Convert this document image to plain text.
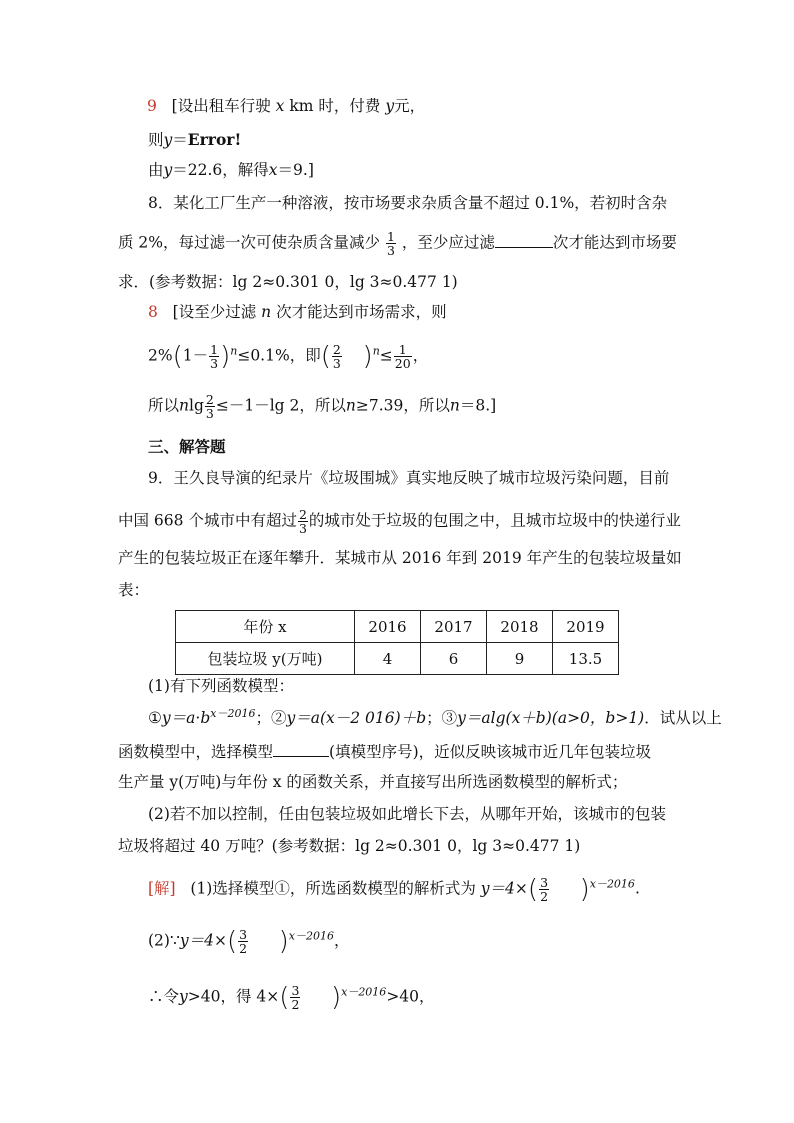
9 [设出租车行驶 x km 时，付费 y元，
则y＝Error!
由y＝22.6，解得x＝9.]
8．某化工厂生产一种溶液，按市场要求杂质含量不超过 0.1%，若初时含杂
质 2%，每过滤一次可使杂质含量减少 $\frac{1}{3}$ ，至少应过滤	次才能达到市场要
求．(参考数据：lg 2≈0.301 0，lg 3≈0.477 1)
8 [设至少过滤 n 次才能达到市场需求，则
$2\%(1- \frac{1}{3} )^n\le 0.1\%$，即( $\frac{2}{3} )^n\le \frac{1}{20}$ ，
所以nlg $\frac{2}{3} \le-1-\lg$ 2，所以n≥7.39，所以n＝8.]
三、解答题
9．王久良导演的纪录片《垃圾围城》真实地反映了城市垃圾污染问题，目前
中国 668 个城市中有超过 $\frac{2}{3}$ 的城市处于垃圾的包围之中，且城市垃圾中的快递行业
产生的包装垃圾正在逐年攀升．某城市从 2016 年到 2019 年产生的包装垃圾量如
表：
年份 x	2016	2017	2018	2019
包装垃圾 y(万吨)	4	6	9	13.5
(1)有下列函数模型：
$①y=a\cdot b^{x-2016}$；②y＝a(x－2 016)＋b；③y＝alg(x＋b)(a>0，b>1)．试从以上
函数模型中，选择模型	(填模型序号)，近似反映该城市近几年包装垃圾
生产量 y(万吨)与年份 x 的函数关系，并直接写出所选函数模型的解析式；
(2)若不加以控制，任由包装垃圾如此增长下去，从哪年开始，该城市的包装
垃圾将超过 40 万吨？(参考数据：lg 2≈0.301 0，lg 3≈0.477 1)
[解] (1)选择模型①，所选函数模型的解析式为 $y=4\times( \frac{3}{2} )^{x-2016}$.
(2)∵y＝4×( $\frac{3}{2} )^{x-2016}$，
∴令y>40，得 $4\times( \frac{3}{2} )^{x-2016}>40$，
